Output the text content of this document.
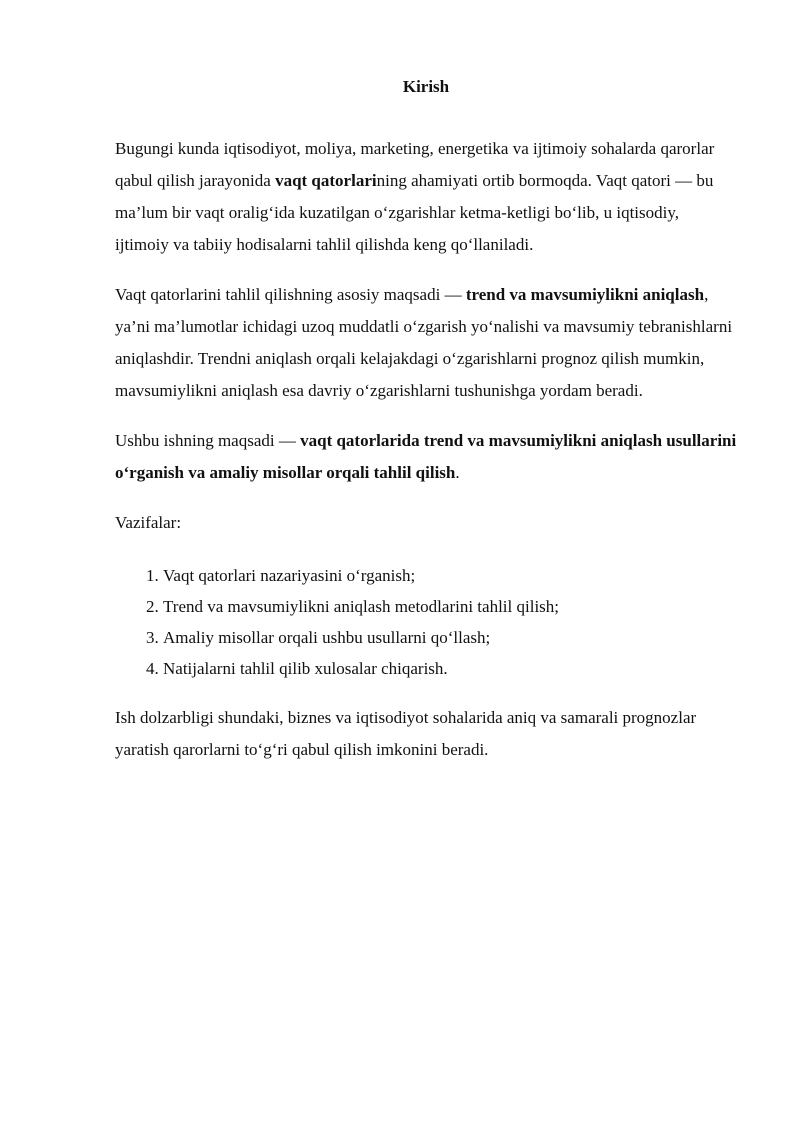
Kirish

Bugungi kunda iqtisodiyot, moliya, marketing, energetika va ijtimoiy sohalarda qarorlar qabul qilish jarayonida vaqt qatorlarining ahamiyati ortib bormoqda. Vaqt qatori — bu ma’lum bir vaqt oralig‘ida kuzatilgan o‘zgarishlar ketma-ketligi bo‘lib, u iqtisodiy, ijtimoiy va tabiiy hodisalarni tahlil qilishda keng qo‘llaniladi.

Vaqt qatorlarini tahlil qilishning asosiy maqsadi — trend va mavsumiylikni aniqlash, ya’ni ma’lumotlar ichidagi uzoq muddatli o‘zgarish yo‘nalishi va mavsumiy tebranishlarni aniqlashdir. Trendni aniqlash orqali kelajakdagi o‘zgarishlarni prognoz qilish mumkin, mavsumiylikni aniqlash esa davriy o‘zgarishlarni tushunishga yordam beradi.

Ushbu ishning maqsadi — vaqt qatorlarida trend va mavsumiylikni aniqlash usullarini o‘rganish va amaliy misollar orqali tahlil qilish.

Vazifalar:

1. Vaqt qatorlari nazariyasini o‘rganish;
2. Trend va mavsumiylikni aniqlash metodlarini tahlil qilish;
3. Amaliy misollar orqali ushbu usullarni qo‘llash;
4. Natijalarni tahlil qilib xulosalar chiqarish.

Ish dolzarbligi shundaki, biznes va iqtisodiyot sohalarida aniq va samarali prognozlar yaratish qarorlarni to‘g‘ri qabul qilish imkonini beradi.
